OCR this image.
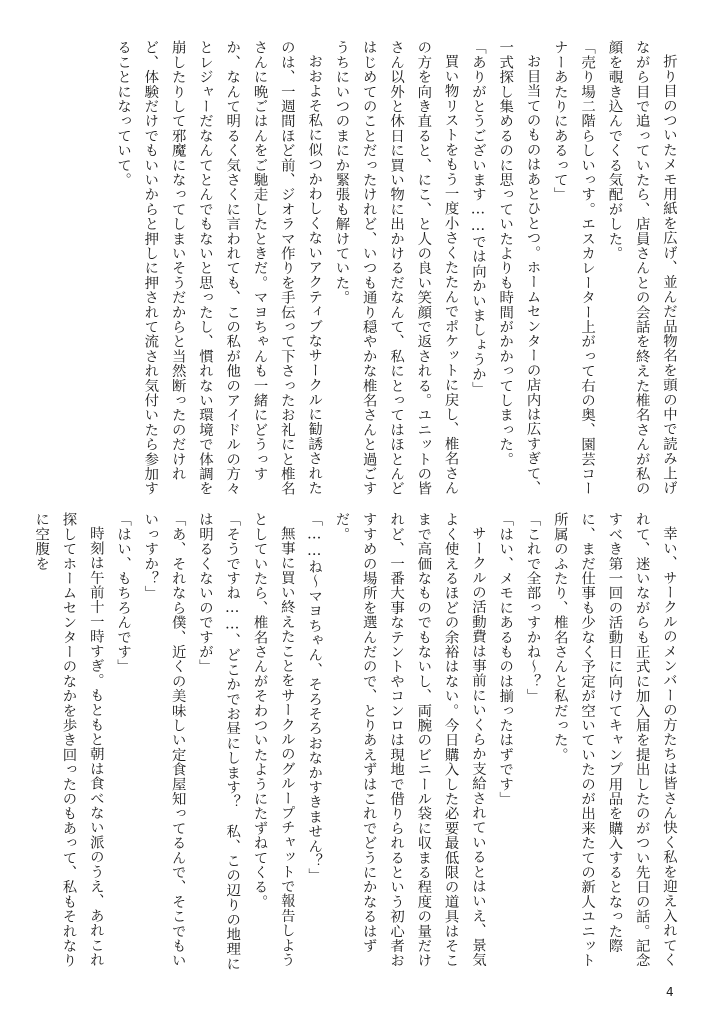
折り目のついたメモ用紙を広げ、並んだ品物名を頭の中で読み上げながら目で追っていたら、店員さんとの会話を終えた椎名さんが私の顔を覗き込んでくる気配がした。

「売り場二階らしいっす。エスカレーター上がって右の奥、園芸コーナーあたりにあるって」

お目当てのものはあとひとつ。ホームセンターの店内は広すぎて、一式探し集めるのに思っていたよりも時間がかかってしまった。

「ありがとうございます……では向かいましょうか」

買い物リストをもう一度小さくたたんでポケットに戻し、椎名さんの方を向き直ると、にこ、と人の良い笑顔で返される。ユニットの皆さん以外と休日に買い物に出かけるだなんて、私にとってはほとんどはじめてのことだったけれど、いつも通り穏やかな椎名さんと過ごすうちにいつのまにか緊張も解けていた。

おおよそ私に似つかわしくないアクティブなサークルに勧誘されたのは、一週間ほど前、ジオラマ作りを手伝って下さったお礼にと椎名さんに晩ごはんをご馳走したときだ。マヨちゃんも一緒にどうっすか、なんて明るく気さくに言われても、この私が他のアイドルの方々とレジャーだなんてとんでもないと思ったし、慣れない環境で体調を崩したりして邪魔になってしまいそうだからと当然断ったのだけれど、体験だけでもいいからと押しに押されて流され気付いたら参加することになっていて。

幸い、サークルのメンバーの方たちは皆さん快く私を迎え入れてくれて、迷いながらも正式に加入届を提出したのがつい先日の話。記念すべき第一回の活動日に向けてキャンプ用品を購入するとなった際に、まだ仕事も少なく予定が空いていたのが出来たての新人ユニット所属のふたり、椎名さんと私だった。

「これで全部っすかね～？」

「はい、メモにあるものは揃ったはずです」

サークルの活動費は事前にいくらか支給されているとはいえ、景気よく使えるほどの余裕はない。今日購入した必要最低限の道具はそこまで高価なものでもないし、両腕のビニール袋に収まる程度の量だけれど、一番大事なテントやコンロは現地で借りられるという初心者おすすめの場所を選んだので、とりあえずはこれでどうにかなるはずだ。

「……ね～マヨちゃん、そろそろおなかすきません？」

無事に買い終えたことをサークルのグループチャットで報告しようとしていたら、椎名さんがそわついたようにたずねてくる。

「そうですね……、どこかでお昼にします？　私、この辺りの地理には明るくないのですが」

「あ、それなら僕、近くの美味しい定食屋知ってるんで、そこでもいいっすか？」

「はい、もちろんです」

時刻は午前十一時すぎ。もともと朝は食べない派のうえ、あれこれ探してホームセンターのなかを歩き回ったのもあって、私もそれなりに空腹を

4
